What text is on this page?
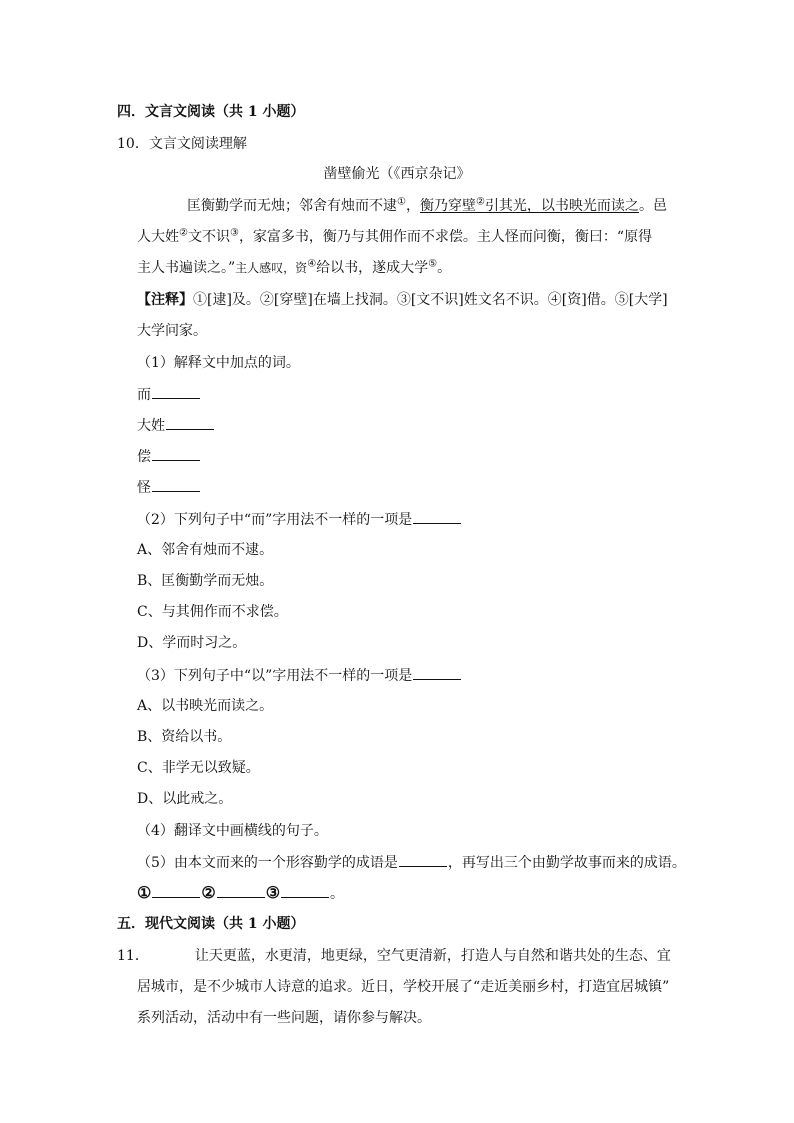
四．文言文阅读（共 1 小题）
10．文言文阅读理解
凿壁偷光（《西京杂记》
匡衡勤学而无烛；邻舍有烛而不逮①，衡乃穿壁②引其光，以书映光而读之。邑
人大姓②文不识③，家富多书，衡乃与其佣作而不求偿。主人怪而问衡，衡曰：“原得
主人书遍读之。”主人感叹，资④给以书，遂成大学⑤。
【注释】①[逮]及。②[穿壁]在墙上找洞。③[文不识]姓文名不识。④[资]借。⑤[大学]
大学问家。
（1）解释文中加点的词。
而
大姓
偿
怪
（2）下列句子中“而”字用法不一样的一项是
A、邻舍有烛而不逮。
B、匡衡勤学而无烛。
C、与其佣作而不求偿。
D、学而时习之。
（3）下列句子中“以”字用法不一样的一项是
A、以书映光而读之。
B、资给以书。
C、非学无以致疑。
D、以此戒之。
（4）翻译文中画横线的句子。
（5）由本文而来的一个形容勤学的成语是	，再写出三个由勤学故事而来的成语。
①	②	③	。
五．现代文阅读（共 1 小题）
11．	让天更蓝，水更清，地更绿，空气更清新，打造人与自然和谐共处的生态、宜
居城市，是不少城市人诗意的追求。近日，学校开展了“走近美丽乡村，打造宜居城镇”
系列活动，活动中有一些问题，请你参与解决。
